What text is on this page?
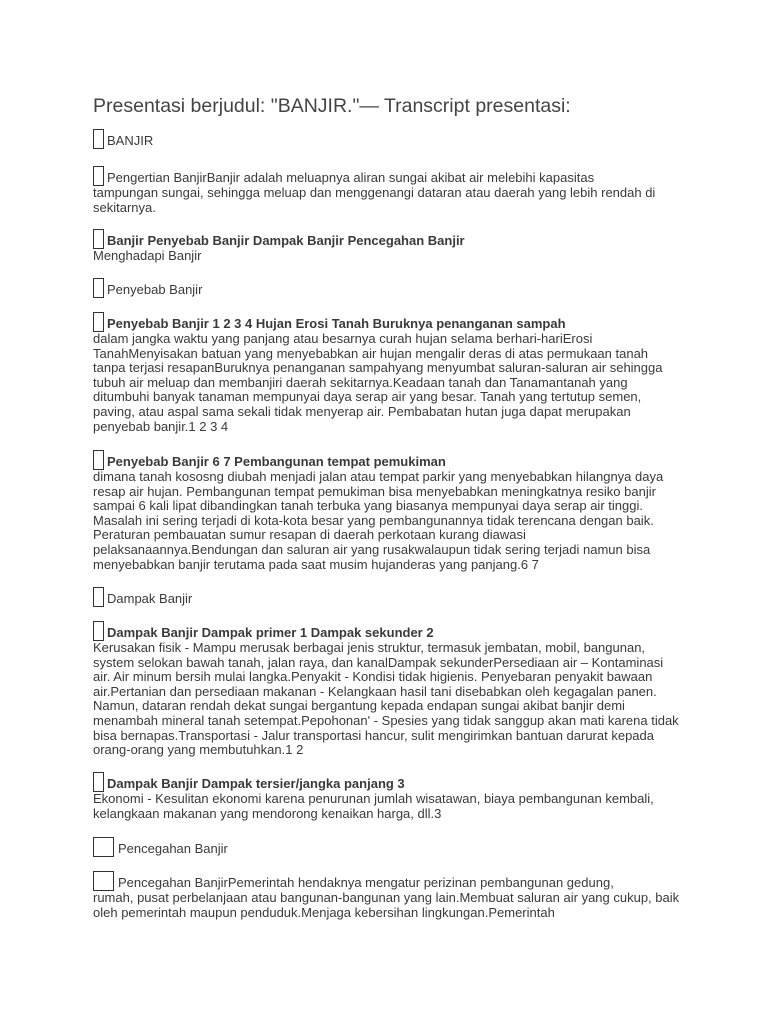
Presentasi berjudul: "BANJIR."— Transcript presentasi:
BANJIR
Pengertian BanjirBanjir adalah meluapnya aliran sungai akibat air melebihi kapasitas

tampungan sungai, sehingga meluap dan menggenangi dataran atau daerah yang lebih rendah di sekitarnya.

Banjir Penyebab Banjir Dampak Banjir Pencegahan Banjir

Menghadapi Banjir

Penyebab Banjir
Penyebab Banjir 1 2 3 4 Hujan Erosi Tanah Buruknya penanganan sampah

dalam jangka waktu yang panjang atau besarnya curah hujan selama berhari-hariErosi TanahMenyisakan batuan yang menyebabkan air hujan mengalir deras di atas permukaan tanah tanpa terjasi resapanBuruknya penanganan sampahyang menyumbat saluran-saluran air sehingga tubuh air meluap dan membanjiri daerah sekitarnya.Keadaan tanah dan Tanamantanah yang ditumbuhi banyak tanaman mempunyai daya serap air yang besar. Tanah yang tertutup semen, paving, atau aspal sama sekali tidak menyerap air. Pembabatan hutan juga dapat merupakan penyebab banjir.1 2 3 4

Penyebab Banjir 6 7 Pembangunan tempat pemukiman

dimana tanah kososng diubah menjadi jalan atau tempat parkir yang menyebabkan hilangnya daya resap air hujan. Pembangunan tempat pemukiman bisa menyebabkan meningkatnya resiko banjir sampai 6 kali lipat dibandingkan tanah terbuka yang biasanya mempunyai daya serap air tinggi. Masalah ini sering terjadi di kota-kota besar yang pembangunannya tidak terencana dengan baik. Peraturan pembauatan sumur resapan di daerah perkotaan kurang diawasi pelaksanaannya.Bendungan dan saluran air yang rusakwalaupun tidak sering terjadi namun bisa menyebabkan banjir terutama pada saat musim hujanderas yang panjang.6 7

Dampak Banjir
Dampak Banjir Dampak primer 1 Dampak sekunder 2

Kerusakan fisik - Mampu merusak berbagai jenis struktur, termasuk jembatan, mobil, bangunan, system selokan bawah tanah, jalan raya, dan kanalDampak sekunderPersediaan air – Kontaminasi air. Air minum bersih mulai langka.Penyakit - Kondisi tidak higienis. Penyebaran penyakit bawaan air.Pertanian dan persediaan makanan - Kelangkaan hasil tani disebabkan oleh kegagalan panen. Namun, dataran rendah dekat sungai bergantung kepada endapan sungai akibat banjir demi menambah mineral tanah setempat.Pepohonan' - Spesies yang tidak sanggup akan mati karena tidak bisa bernapas.Transportasi - Jalur transportasi hancur, sulit mengirimkan bantuan darurat kepada orang-orang yang membutuhkan.1 2

Dampak Banjir Dampak tersier/jangka panjang 3

Ekonomi - Kesulitan ekonomi karena penurunan jumlah wisatawan, biaya pembangunan kembali, kelangkaan makanan yang mendorong kenaikan harga, dll.3

Pencegahan Banjir
Pencegahan BanjirPemerintah hendaknya mengatur perizinan pembangunan gedung,

rumah, pusat perbelanjaan atau bangunan-bangunan yang lain.Membuat saluran air yang cukup, baik oleh pemerintah maupun penduduk.Menjaga kebersihan lingkungan.Pemerintah
